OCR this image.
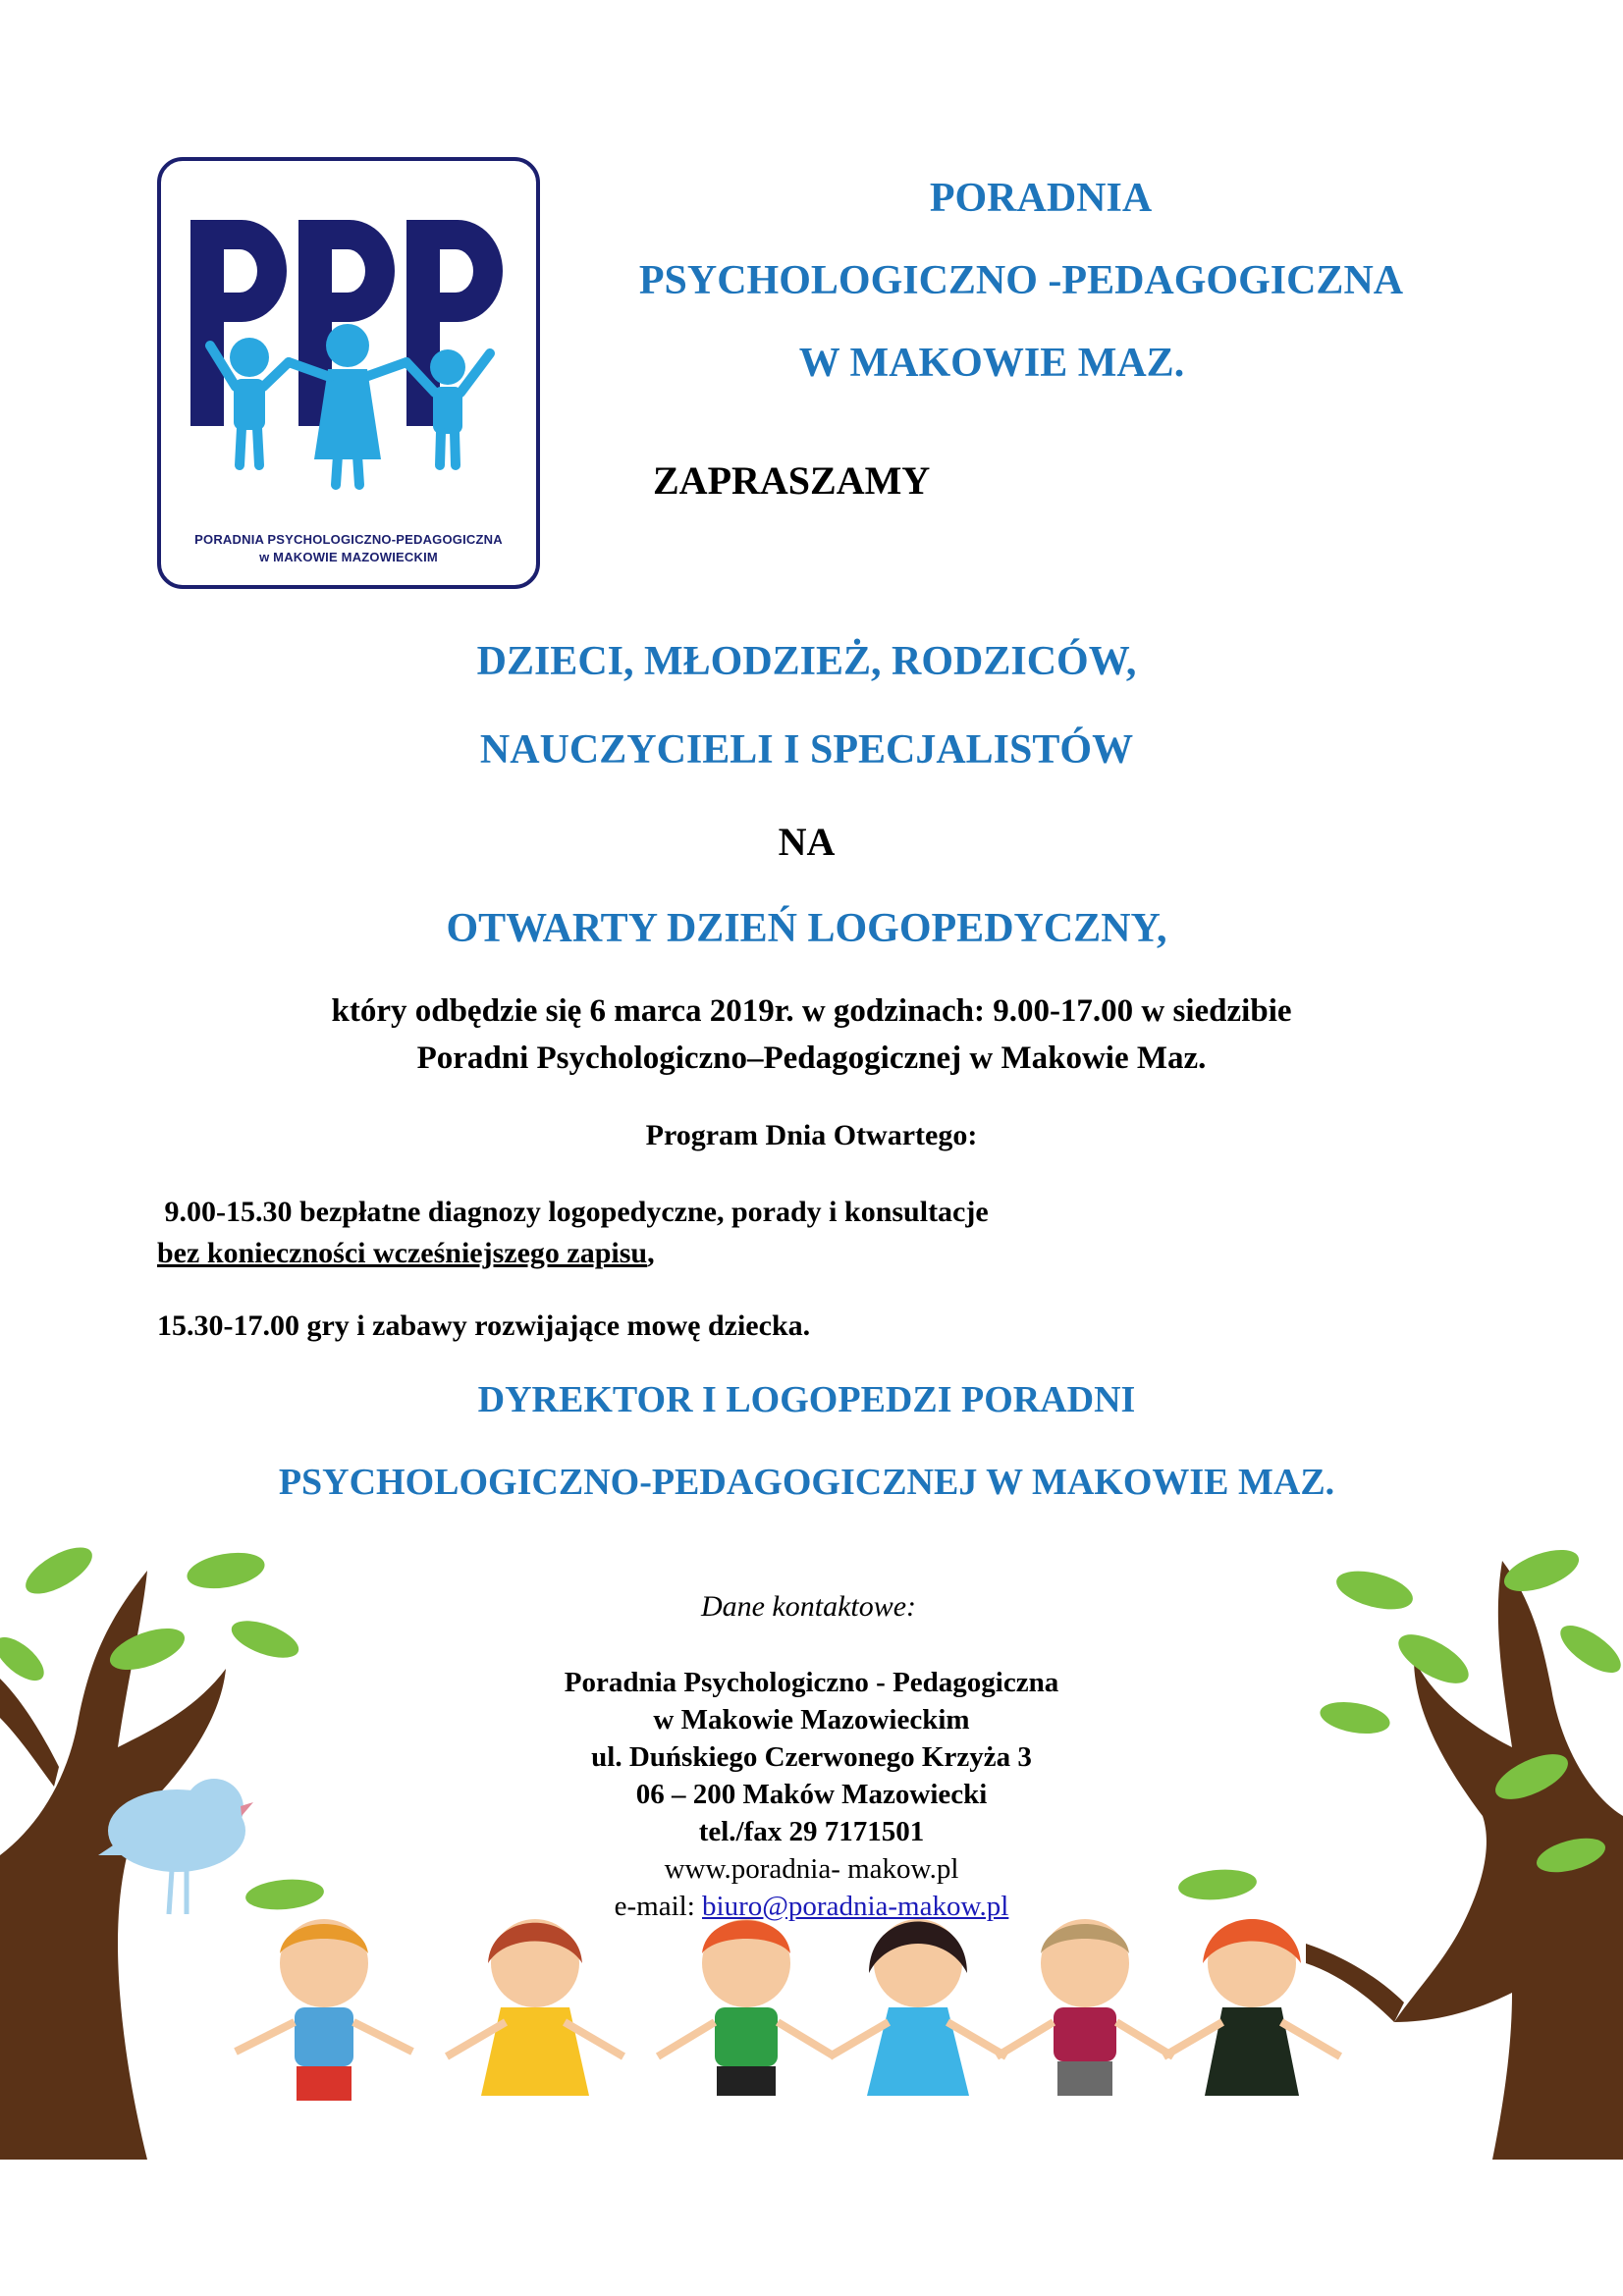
PORADNIA PSYCHOLOGICZNO-PEDAGOGICZNA
w MAKOWIE MAZOWIECKIM
PORADNIA
PSYCHOLOGICZNO -PEDAGOGICZNA
W MAKOWIE MAZ.
ZAPRASZAMY
DZIECI, MŁODZIEŻ, RODZICÓW,
NAUCZYCIELI I SPECJALISTÓW
NA
OTWARTY DZIEŃ LOGOPEDYCZNY,
który odbędzie się 6 marca 2019r. w godzinach: 9.00-17.00 w siedzibie
Poradni Psychologiczno–Pedagogicznej w Makowie Maz.
Program Dnia Otwartego:
9.00-15.30 bezpłatne diagnozy logopedyczne, porady i konsultacje
bez konieczności wcześniejszego zapisu,
15.30-17.00 gry i zabawy rozwijające mowę dziecka.
DYREKTOR I LOGOPEDZI PORADNI
PSYCHOLOGICZNO-PEDAGOGICZNEJ W MAKOWIE MAZ.
Dane kontaktowe:
Poradnia Psychologiczno - Pedagogiczna
w Makowie Mazowieckim
ul. Duńskiego Czerwonego Krzyża 3
06 – 200 Maków Mazowiecki
tel./fax 29 7171501
www.poradnia- makow.pl
e-mail: biuro@poradnia-makow.pl
